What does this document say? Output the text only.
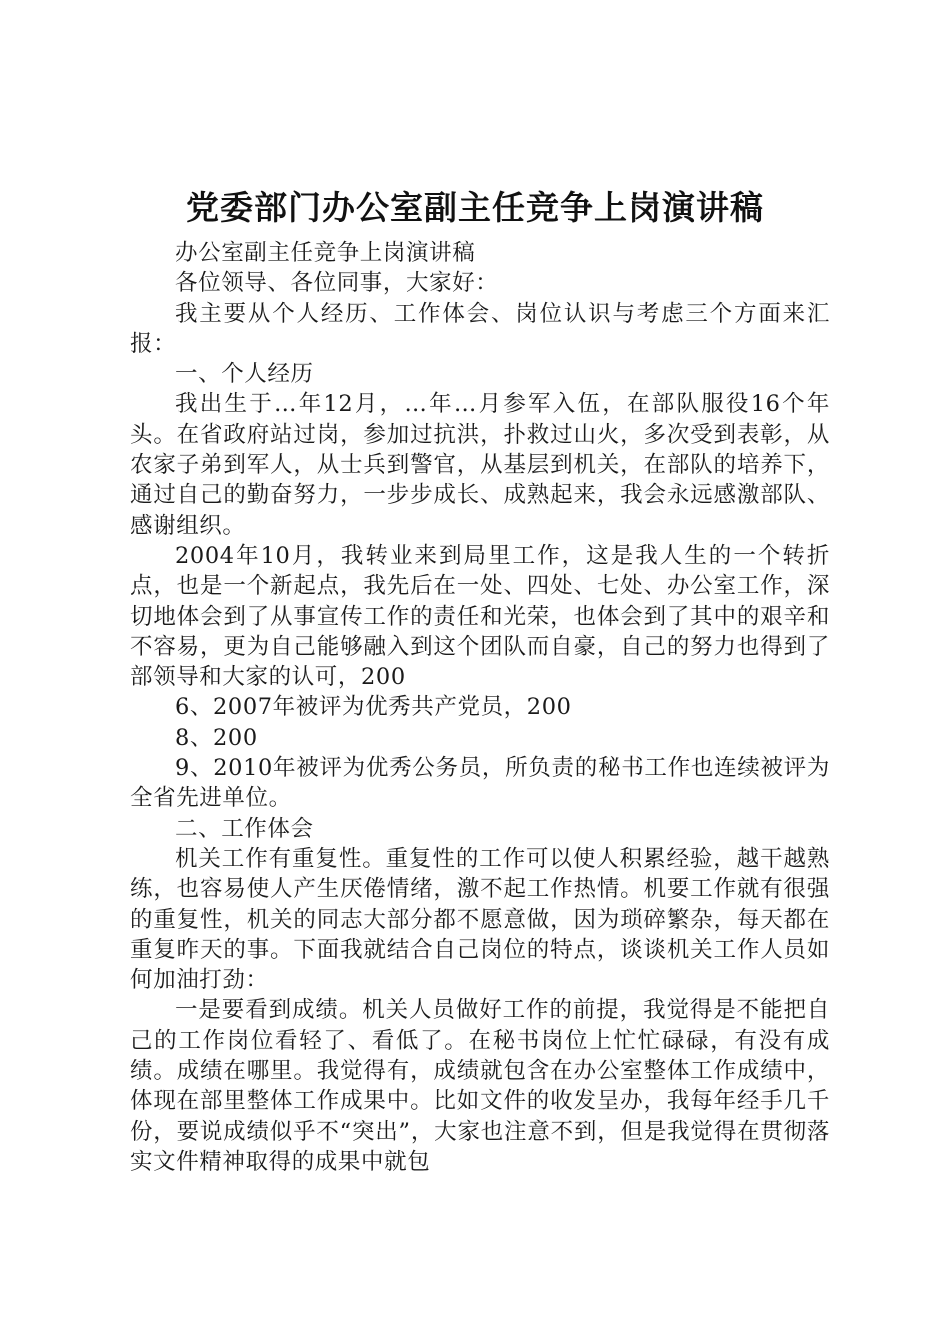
党委部门办公室副主任竞争上岗演讲稿

办公室副主任竞争上岗演讲稿

各位领导、各位同事，大家好：

我主要从个人经历、工作体会、岗位认识与考虑三个方面来汇报：

一、个人经历

我出生于…年12月，…年…月参军入伍，在部队服役16个年头。在省政府站过岗，参加过抗洪，扑救过山火，多次受到表彰，从农家子弟到军人，从士兵到警官，从基层到机关，在部队的培养下，通过自己的勤奋努力，一步步成长、成熟起来，我会永远感激部队、感谢组织。

2004年10月，我转业来到局里工作，这是我人生的一个转折点，也是一个新起点，我先后在一处、四处、七处、办公室工作，深切地体会到了从事宣传工作的责任和光荣，也体会到了其中的艰辛和不容易，更为自己能够融入到这个团队而自豪，自己的努力也得到了部领导和大家的认可，200

6、2007年被评为优秀共产党员，200

8、200

9、2010年被评为优秀公务员，所负责的秘书工作也连续被评为全省先进单位。

二、工作体会

机关工作有重复性。重复性的工作可以使人积累经验，越干越熟练，也容易使人产生厌倦情绪，激不起工作热情。机要工作就有很强的重复性，机关的同志大部分都不愿意做，因为琐碎繁杂，每天都在重复昨天的事。下面我就结合自己岗位的特点，谈谈机关工作人员如何加油打劲：

一是要看到成绩。机关人员做好工作的前提，我觉得是不能把自己的工作岗位看轻了、看低了。在秘书岗位上忙忙碌碌，有没有成绩。成绩在哪里。我觉得有，成绩就包含在办公室整体工作成绩中，体现在部里整体工作成果中。比如文件的收发呈办，我每年经手几千份，要说成绩似乎不“突出”，大家也注意不到，但是我觉得在贯彻落实文件精神取得的成果中就包
